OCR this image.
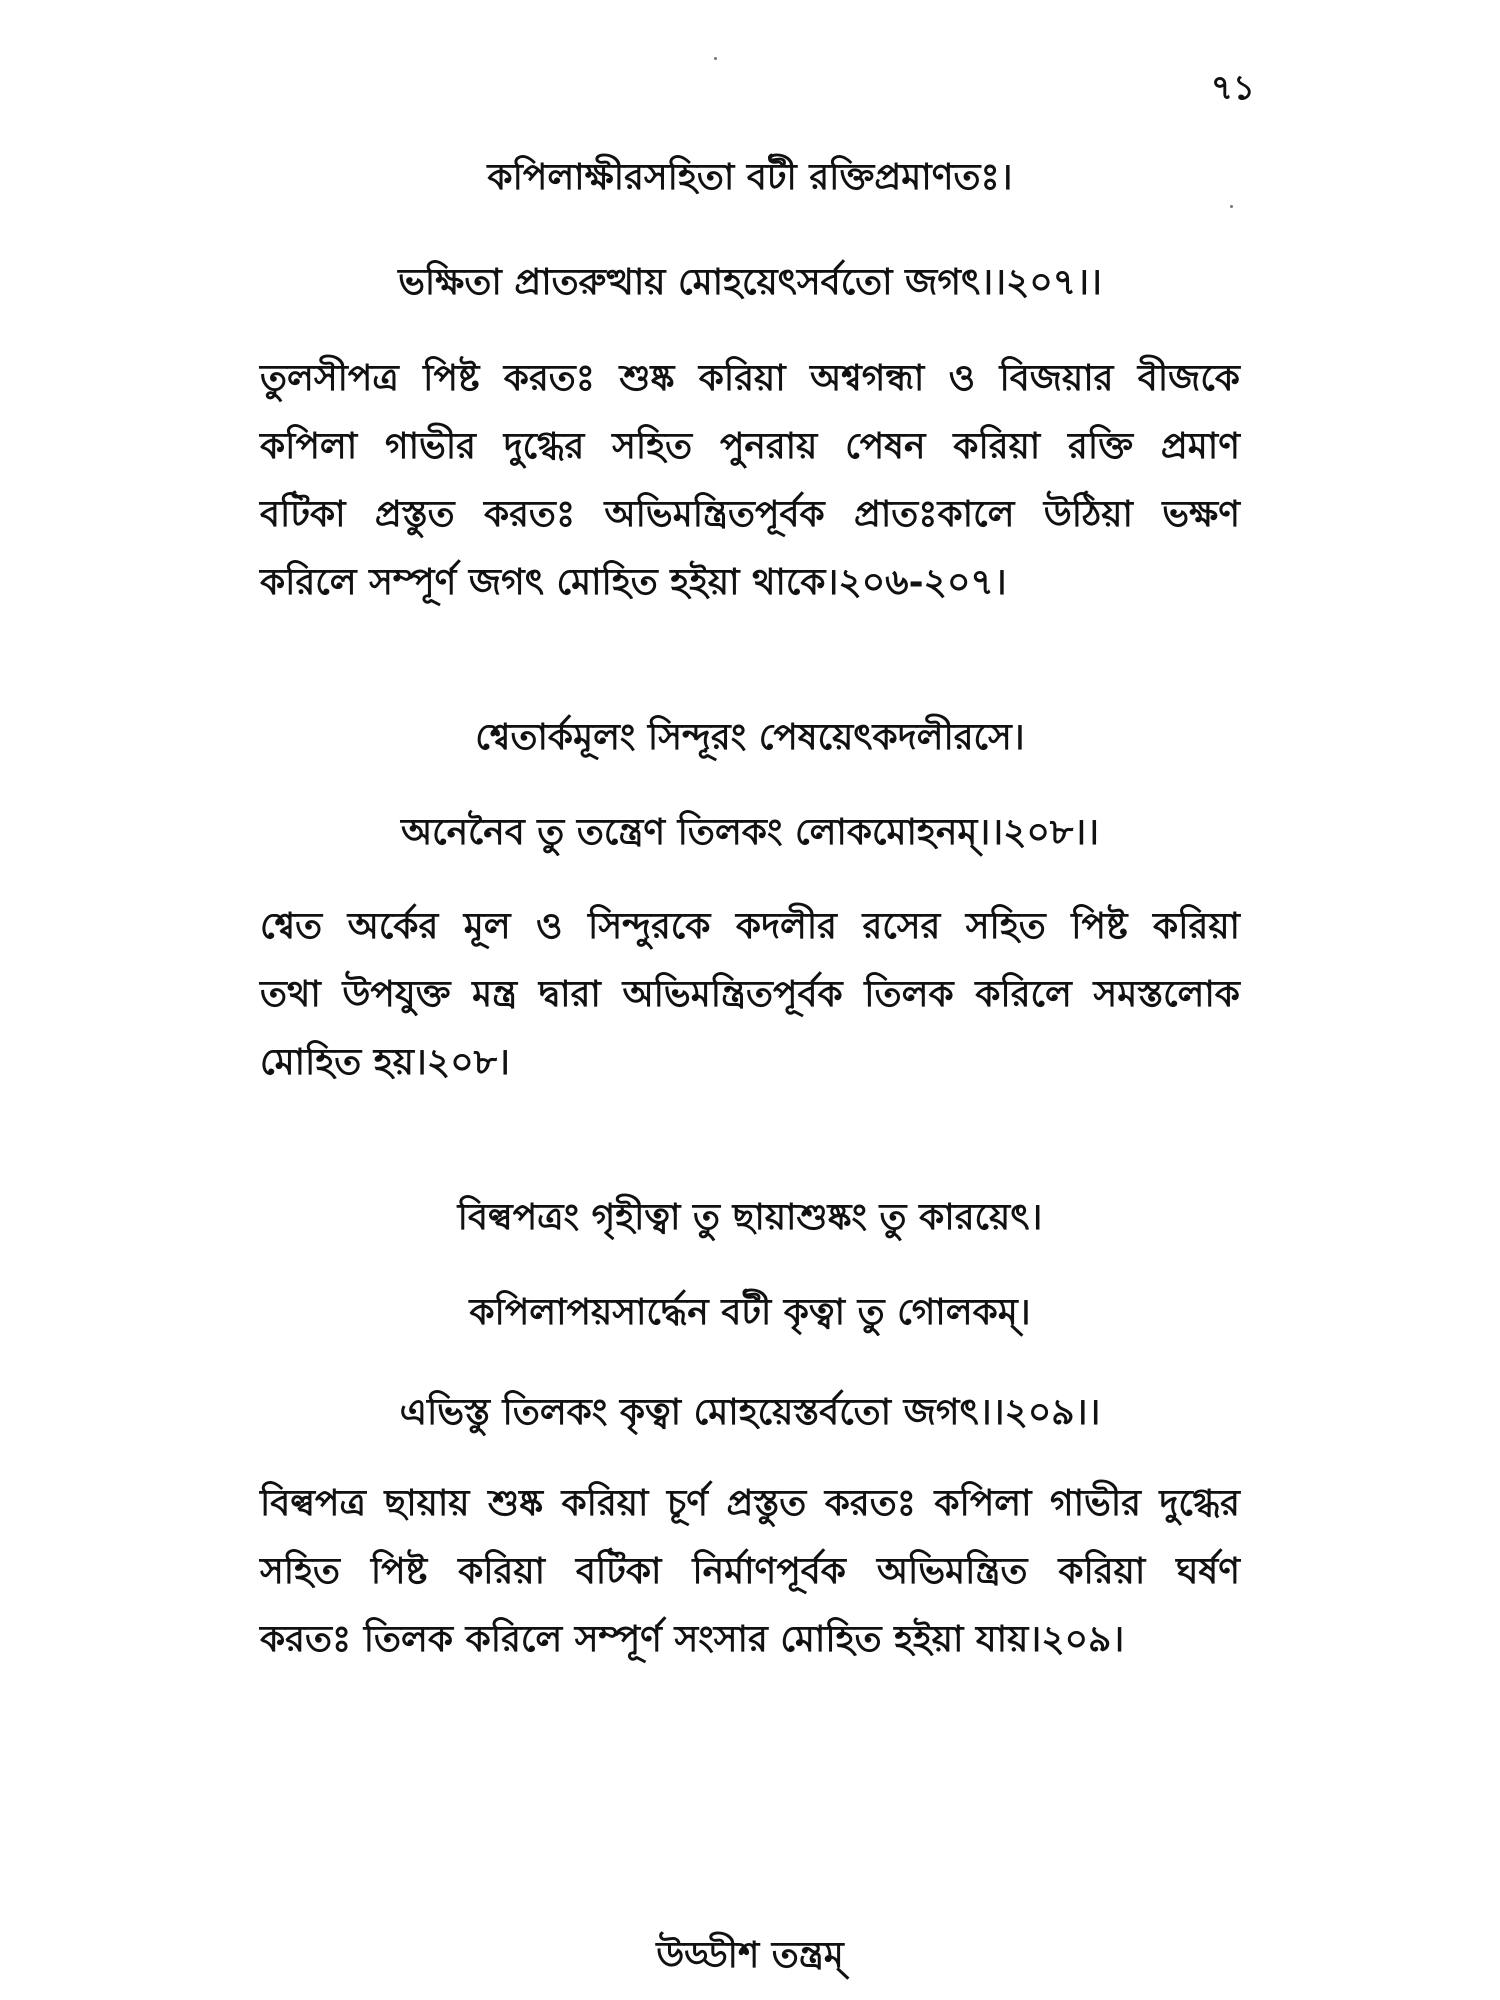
৭১
কপিলাক্ষীরসহিতা বটী রক্তিপ্রমাণতঃ।
ভক্ষিতা প্রাতরুত্থায় মোহয়েৎসর্বতো জগৎ।।২০৭।।
তুলসীপত্র পিষ্ট করতঃ শুষ্ক করিয়া অশ্বগন্ধা ও বিজয়ার বীজকে
কপিলা গাভীর দুগ্ধের সহিত পুনরায় পেষন করিয়া রক্তি প্রমাণ
বটিকা প্রস্তুত করতঃ অভিমন্ত্রিতপূর্বক প্রাতঃকালে উঠিয়া ভক্ষণ
করিলে সম্পূর্ণ জগৎ মোহিত হইয়া থাকে।২০৬-২০৭।
শ্বেতার্কমূলং সিন্দূরং পেষয়েৎকদলীরসে।
অনেনৈব তু তন্ত্রেণ তিলকং লোকমোহনম্।।২০৮।।
শ্বেত অর্কের মূল ও সিন্দুরকে কদলীর রসের সহিত পিষ্ট করিয়া
তথা উপযুক্ত মন্ত্র দ্বারা অভিমন্ত্রিতপূর্বক তিলক করিলে সমস্তলোক
মোহিত হয়।২০৮।
বিল্বপত্রং গৃহীত্বা তু ছায়াশুষ্কং তু কারয়েৎ।
কপিলাপয়সার্দ্ধেন বটী কৃত্বা তু গোলকম্।
এভিস্তু তিলকং কৃত্বা মোহয়েস্তর্বতো জগৎ।।২০৯।।
বিল্বপত্র ছায়ায় শুষ্ক করিয়া চূর্ণ প্রস্তুত করতঃ কপিলা গাভীর দুগ্ধের
সহিত পিষ্ট করিয়া বটিকা নির্মাণপূর্বক অভিমন্ত্রিত করিয়া ঘর্ষণ
করতঃ তিলক করিলে সম্পূর্ণ সংসার মোহিত হইয়া যায়।২০৯।
উড্ডীশ তন্ত্রম্
